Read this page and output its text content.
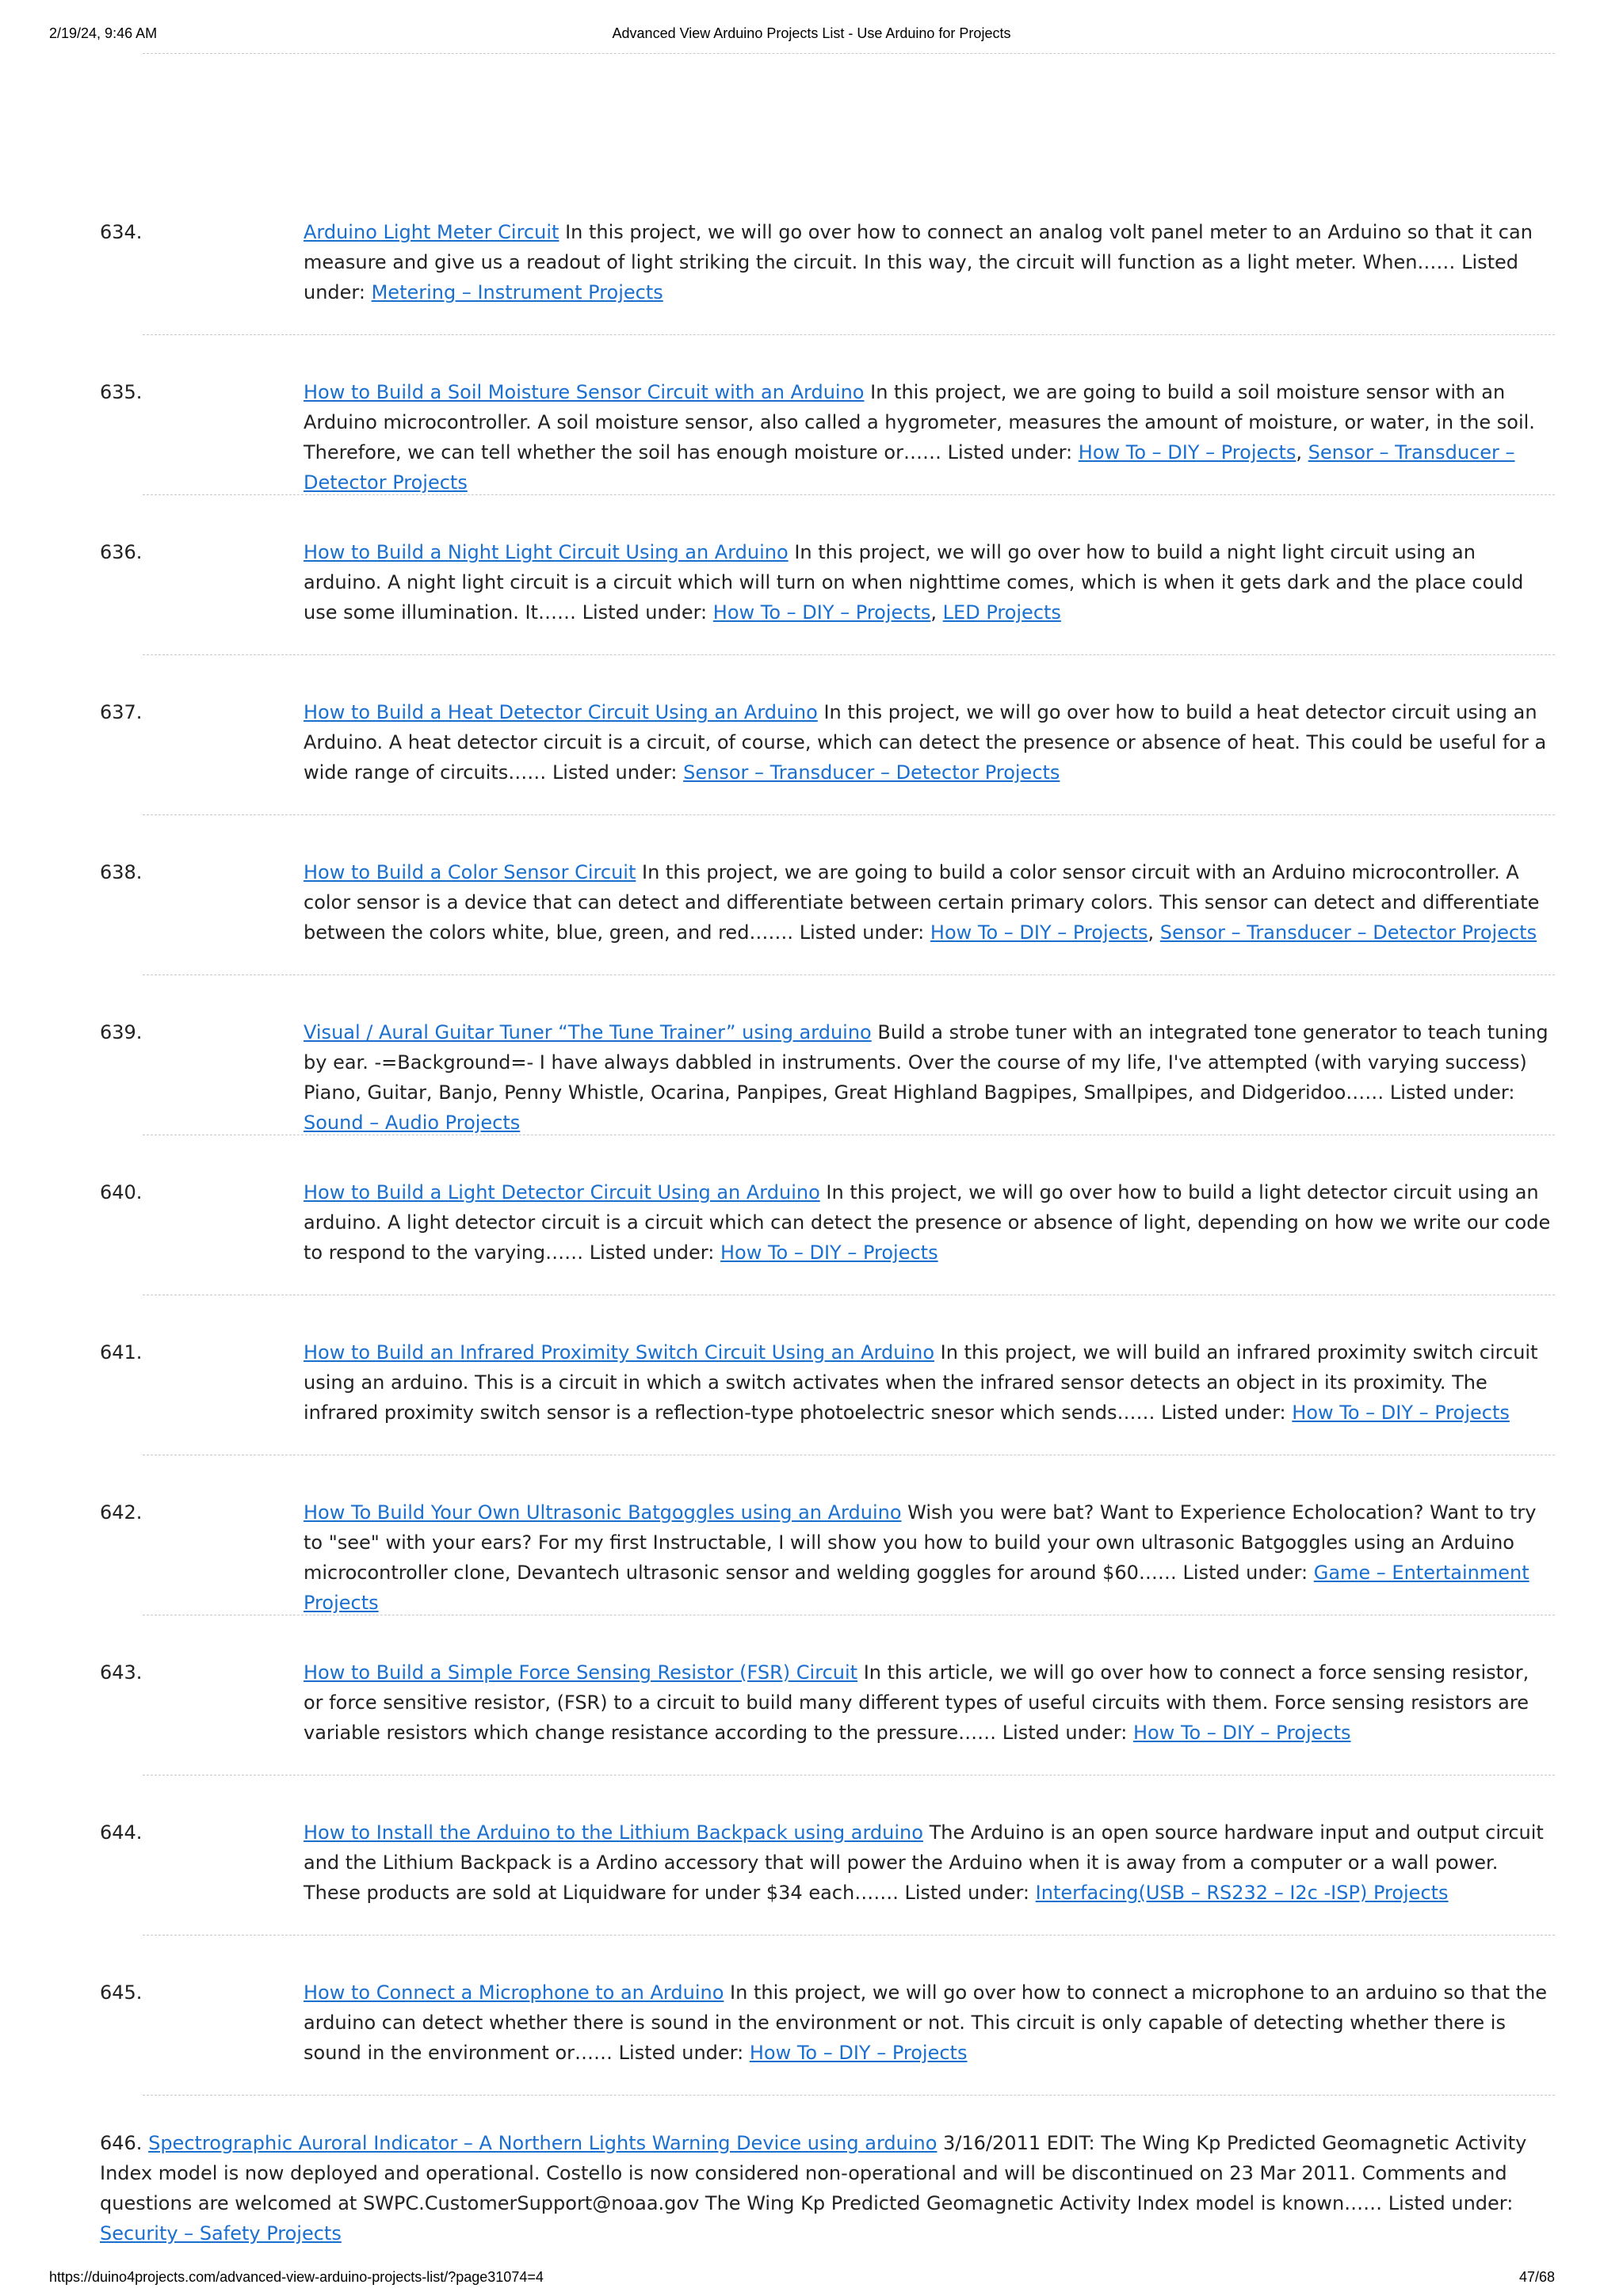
2/19/24, 9:46 AM	Advanced View Arduino Projects List - Use Arduino for Projects
634.	Arduino Light Meter Circuit In this project, we will go over how to connect an analog volt panel meter to an Arduino so that it can measure and give us a readout of light striking the circuit. In this way, the circuit will function as a light meter. When…… Listed under: Metering – Instrument Projects
635.	How to Build a Soil Moisture Sensor Circuit with an Arduino In this project, we are going to build a soil moisture sensor with an Arduino microcontroller. A soil moisture sensor, also called a hygrometer, measures the amount of moisture, or water, in the soil. Therefore, we can tell whether the soil has enough moisture or…… Listed under: How To – DIY – Projects, Sensor – Transducer – Detector Projects
636.	How to Build a Night Light Circuit Using an Arduino In this project, we will go over how to build a night light circuit using an arduino. A night light circuit is a circuit which will turn on when nighttime comes, which is when it gets dark and the place could use some illumination. It…… Listed under: How To – DIY – Projects, LED Projects
637.	How to Build a Heat Detector Circuit Using an Arduino In this project, we will go over how to build a heat detector circuit using an Arduino. A heat detector circuit is a circuit, of course, which can detect the presence or absence of heat. This could be useful for a wide range of circuits…… Listed under: Sensor – Transducer – Detector Projects
638.	How to Build a Color Sensor Circuit In this project, we are going to build a color sensor circuit with an Arduino microcontroller. A color sensor is a device that can detect and differentiate between certain primary colors. This sensor can detect and differentiate between the colors white, blue, green, and red……. Listed under: How To – DIY – Projects, Sensor – Transducer – Detector Projects
639.	Visual / Aural Guitar Tuner “The Tune Trainer” using arduino Build a strobe tuner with an integrated tone generator to teach tuning by ear. -=Background=- I have always dabbled in instruments. Over the course of my life, I've attempted (with varying success) Piano, Guitar, Banjo, Penny Whistle, Ocarina, Panpipes, Great Highland Bagpipes, Smallpipes, and Didgeridoo…… Listed under: Sound – Audio Projects
640.	How to Build a Light Detector Circuit Using an Arduino In this project, we will go over how to build a light detector circuit using an arduino. A light detector circuit is a circuit which can detect the presence or absence of light, depending on how we write our code to respond to the varying…… Listed under: How To – DIY – Projects
641.	How to Build an Infrared Proximity Switch Circuit Using an Arduino In this project, we will build an infrared proximity switch circuit using an arduino. This is a circuit in which a switch activates when the infrared sensor detects an object in its proximity. The infrared proximity switch sensor is a reflection-type photoelectric snesor which sends…… Listed under: How To – DIY – Projects
642.	How To Build Your Own Ultrasonic Batgoggles using an Arduino Wish you were bat? Want to Experience Echolocation? Want to try to "see" with your ears? For my first Instructable, I will show you how to build your own ultrasonic Batgoggles using an Arduino microcontroller clone, Devantech ultrasonic sensor and welding goggles for around $60…… Listed under: Game – Entertainment Projects
643.	How to Build a Simple Force Sensing Resistor (FSR) Circuit In this article, we will go over how to connect a force sensing resistor, or force sensitive resistor, (FSR) to a circuit to build many different types of useful circuits with them. Force sensing resistors are variable resistors which change resistance according to the pressure…… Listed under: How To – DIY – Projects
644.	How to Install the Arduino to the Lithium Backpack using arduino The Arduino is an open source hardware input and output circuit and the Lithium Backpack is a Ardino accessory that will power the Arduino when it is away from a computer or a wall power. These products are sold at Liquidware for under $34 each……. Listed under: Interfacing(USB – RS232 – I2c -ISP) Projects
645.	How to Connect a Microphone to an Arduino In this project, we will go over how to connect a microphone to an arduino so that the arduino can detect whether there is sound in the environment or not. This circuit is only capable of detecting whether there is sound in the environment or…… Listed under: How To – DIY – Projects
646. Spectrographic Auroral Indicator – A Northern Lights Warning Device using arduino 3/16/2011 EDIT: The Wing Kp Predicted Geomagnetic Activity Index model is now deployed and operational. Costello is now considered non-operational and will be discontinued on 23 Mar 2011. Comments and questions are welcomed at SWPC.CustomerSupport@noaa.gov The Wing Kp Predicted Geomagnetic Activity Index model is known…… Listed under: Security – Safety Projects
https://duino4projects.com/advanced-view-arduino-projects-list/?page31074=4	47/68
